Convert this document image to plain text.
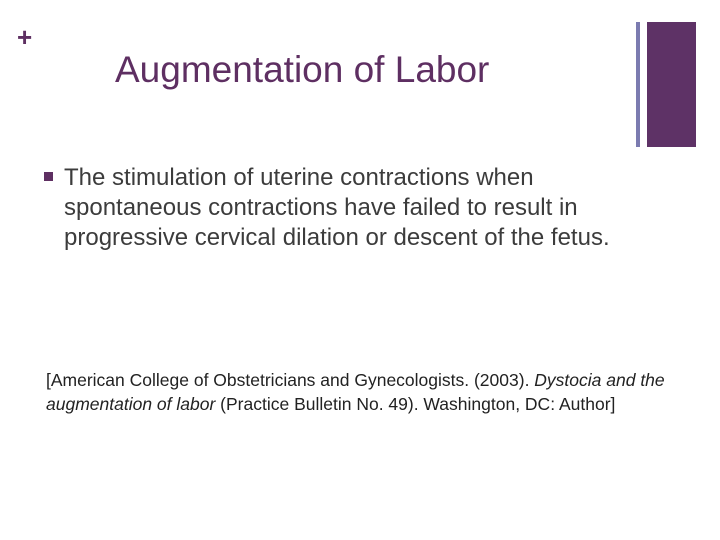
+
Augmentation of Labor

The stimulation of uterine contractions when spontaneous contractions have failed to result in progressive cervical dilation or descent of the fetus.

[American College of Obstetricians and Gynecologists. (2003). Dystocia and the augmentation of labor (Practice Bulletin No. 49). Washington, DC: Author]
